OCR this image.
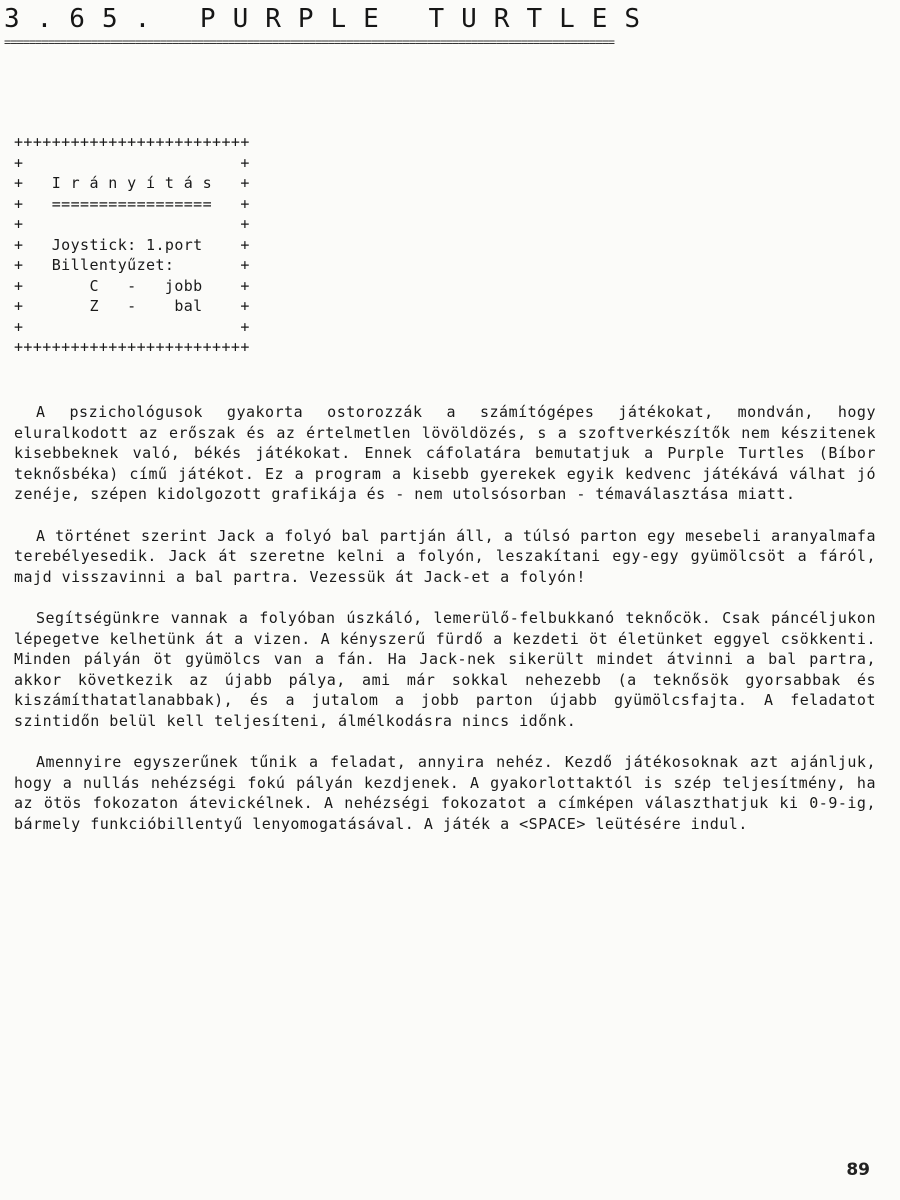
3.65. PURPLE TURTLES
==================================================================================================
+++++++++++++++++++++++++
+                       +
+   I r á n y í t á s   +
+   =================   +
+                       +
+   Joystick: 1.port    +
+   Billentyűzet:       +
+       C   -   jobb    +
+       Z   -    bal    +
+                       +
+++++++++++++++++++++++++

A pszichológusok gyakorta ostorozzák a számítógépes játékokat, mondván, hogy eluralkodott az erőszak és az értelmetlen lövöldözés, s a szoftverkészítők nem készitenek kisebbeknek való, békés játékokat. Ennek cáfolatára bemutatjuk a Purple Turtles (Bíbor teknősbéka) című játékot. Ez a program a kisebb gyerekek egyik kedvenc játékává válhat jó zenéje, szépen kidolgozott grafikája és - nem utolsósorban - témaválasztása miatt.

A történet szerint Jack a folyó bal partján áll, a túlsó parton egy mesebeli aranyalmafa terebélyesedik. Jack át szeretne kelni a folyón, leszakítani egy-egy gyümölcsöt a fáról, majd visszavinni a bal partra. Vezessük át Jack-et a folyón!

Segítségünkre vannak a folyóban úszkáló, lemerülő-felbukkanó teknőcök. Csak páncéljukon lépegetve kelhetünk át a vizen. A kényszerű fürdő a kezdeti öt életünket eggyel csökkenti. Minden pályán öt gyümölcs van a fán. Ha Jack-nek sikerült mindet átvinni a bal partra, akkor következik az újabb pálya, ami már sokkal nehezebb (a teknősök gyorsabbak és kiszámíthatatlanabbak), és a jutalom a jobb parton újabb gyümölcsfajta. A feladatot szintidőn belül kell teljesíteni, álmélkodásra nincs időnk.

Amennyire egyszerűnek tűnik a feladat, annyira nehéz. Kezdő játékosoknak azt ajánljuk, hogy a nullás nehézségi fokú pályán kezdjenek. A gyakorlottaktól is szép teljesítmény, ha az ötös fokozaton átevickélnek. A nehézségi fokozatot a címképen választhatjuk ki 0-9-ig, bármely funkcióbillentyű lenyomogatásával. A játék a <SPACE> leütésére indul.

89
